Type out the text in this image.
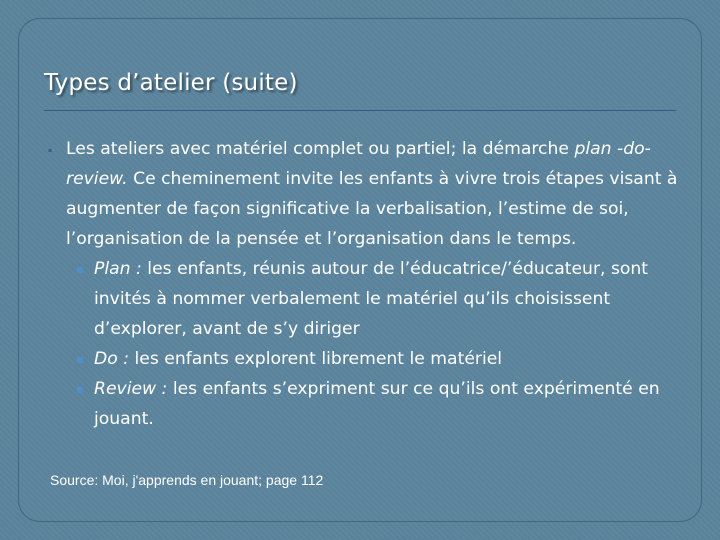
Types d’atelier (suite)
▪ Les ateliers avec matériel complet ou partiel; la démarche plan -do-review. Ce cheminement invite les enfants à vivre trois étapes visant à augmenter de façon significative la verbalisation, l’estime de soi, l’organisation de la pensée et l’organisation dans le temps.
▪ Plan : les enfants, réunis autour de l’éducatrice/’éducateur, sont invités à nommer verbalement le matériel qu’ils choisissent d’explorer, avant de s’y diriger
▪ Do : les enfants explorent librement le matériel
▪ Review : les enfants s’expriment sur ce qu’ils ont expérimenté en jouant.
Source: Moi, j'apprends en jouant; page 112
